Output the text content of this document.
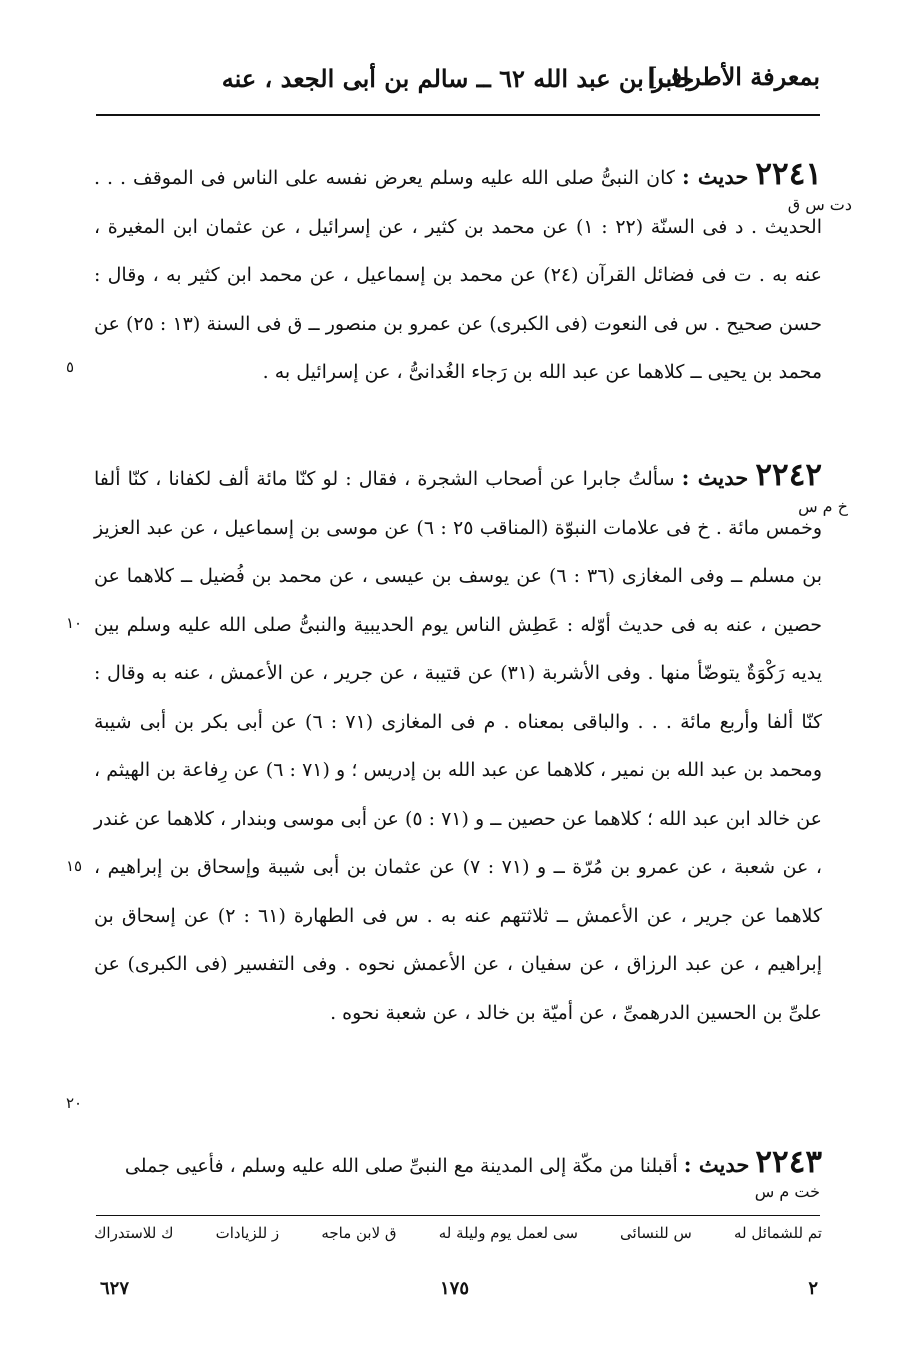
جابر بن عبد الله ٦٢ ــ سالم بن أبى الجعد ، عنه
بمعرفة الأطراف]

٢٢٤١ حديث : كان النبىُّ صلى الله عليه وسلم يعرض نفسه على الناس فى الموقف . . . الحديث . د فى السنّة (٢٢ : ١) عن محمد بن كثير ، عن إسرائيل ، عن عثمان ابن المغيرة ، عنه به . ت فى فضائل القرآن (٢٤) عن محمد بن إسماعيل ، عن محمد ابن كثير به ، وقال : حسن صحيح . س فى النعوت (فى الكبرى) عن عمرو بن منصور ــ ق فى السنة (١٣ : ٢٥) عن محمد بن يحيى ــ كلاهما عن عبد الله بن رَجاء الغُدانىُّ ، عن إسرائيل به .

دت س ق

٢٢٤٢ حديث : سألتُ جابرا عن أصحاب الشجرة ، فقال : لو كنّا مائة ألف لكفانا ، كنّا ألفا وخمس مائة . خ فى علامات النبوّة (المناقب ٢٥ : ٦) عن موسى بن إسماعيل ، عن عبد العزيز بن مسلم ــ وفى المغازى (٣٦ : ٦) عن يوسف بن عيسى ، عن محمد بن فُضيل ــ كلاهما عن حصين ، عنه به فى حديث أوّله : عَطِش الناس يوم الحديبية والنبىُّ صلى الله عليه وسلم بين يديه رَكْوَةٌ يتوضّأ منها . وفى الأشربة (٣١) عن قتيبة ، عن جرير ، عن الأعمش ، عنه به وقال : كنّا ألفا وأربع مائة . . . والباقى بمعناه . م فى المغازى (٧١ : ٦) عن أبى بكر بن أبى شيبة ومحمد بن عبد الله بن نمير ، كلاهما عن عبد الله بن إدريس ؛ و (٧١ : ٦) عن رِفاعة بن الهيثم ، عن خالد ابن عبد الله ؛ كلاهما عن حصين ــ و (٧١ : ٥) عن أبى موسى وبندار ، كلاهما عن غندر ، عن شعبة ، عن عمرو بن مُرّة ــ و (٧١ : ٧) عن عثمان بن أبى شيبة وإسحاق بن إبراهيم ، كلاهما عن جرير ، عن الأعمش ــ ثلاثتهم عنه به . س فى الطهارة (٦١ : ٢) عن إسحاق بن إبراهيم ، عن عبد الرزاق ، عن سفيان ، عن الأعمش نحوه . وفى التفسير (فى الكبرى) عن علىِّ بن الحسين الدرهمىِّ ، عن أميّة بن خالد ، عن شعبة نحوه .

خ م س

٢٢٤٣ حديث : أقبلنا من مكّة إلى المدينة مع النبىِّ صلى الله عليه وسلم ، فأعيى جملى

خت م س
٥
١٠
١٥
٢٠
تم للشمائل له
س للنسائى
سى لعمل يوم وليلة له
ق لابن ماجه
ز للزيادات
ك للاستدراك
٦٢٧	١٧٥	٢
